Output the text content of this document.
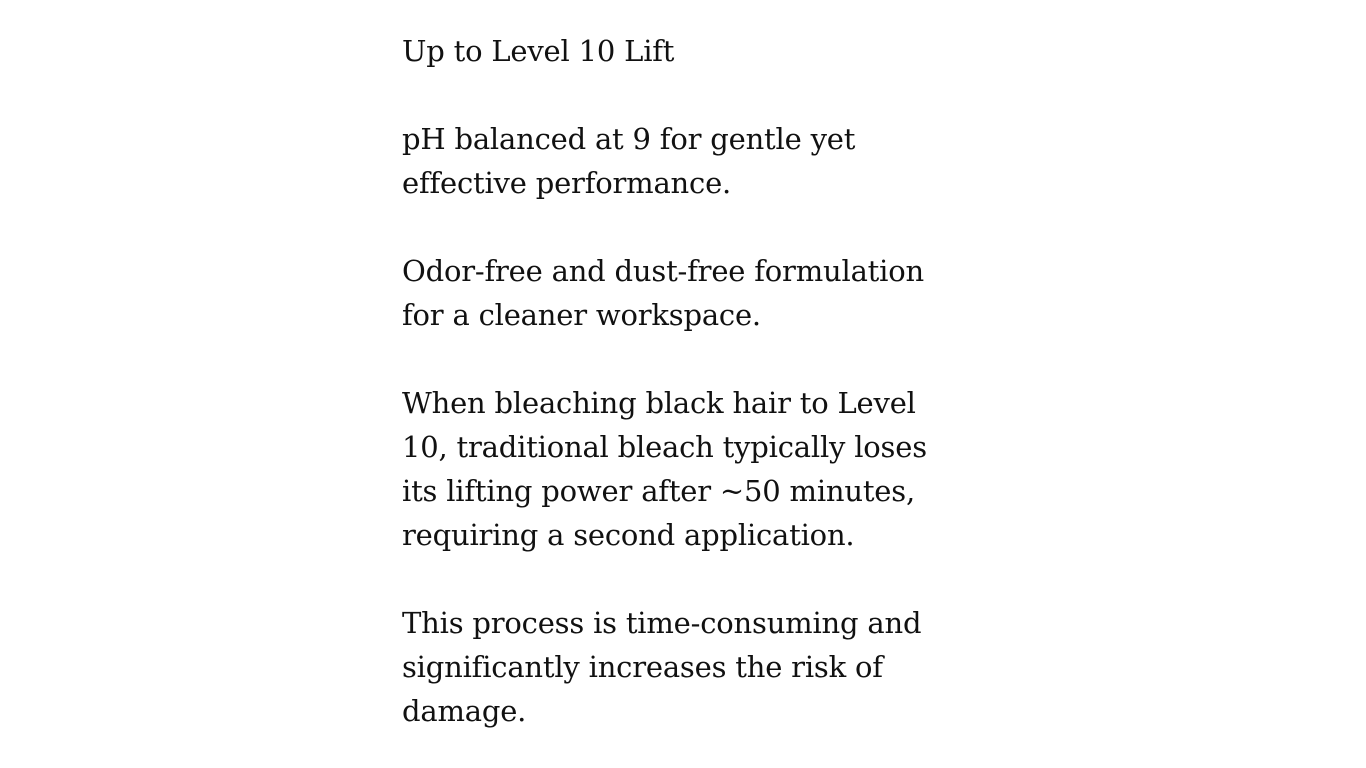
Up to Level 10 Lift

pH balanced at 9 for gentle yet effective performance.

Odor-free and dust-free formulation for a cleaner workspace.

When bleaching black hair to Level 10, traditional bleach typically loses its lifting power after ~50 minutes, requiring a second application.

This process is time-consuming and significantly increases the risk of damage.
